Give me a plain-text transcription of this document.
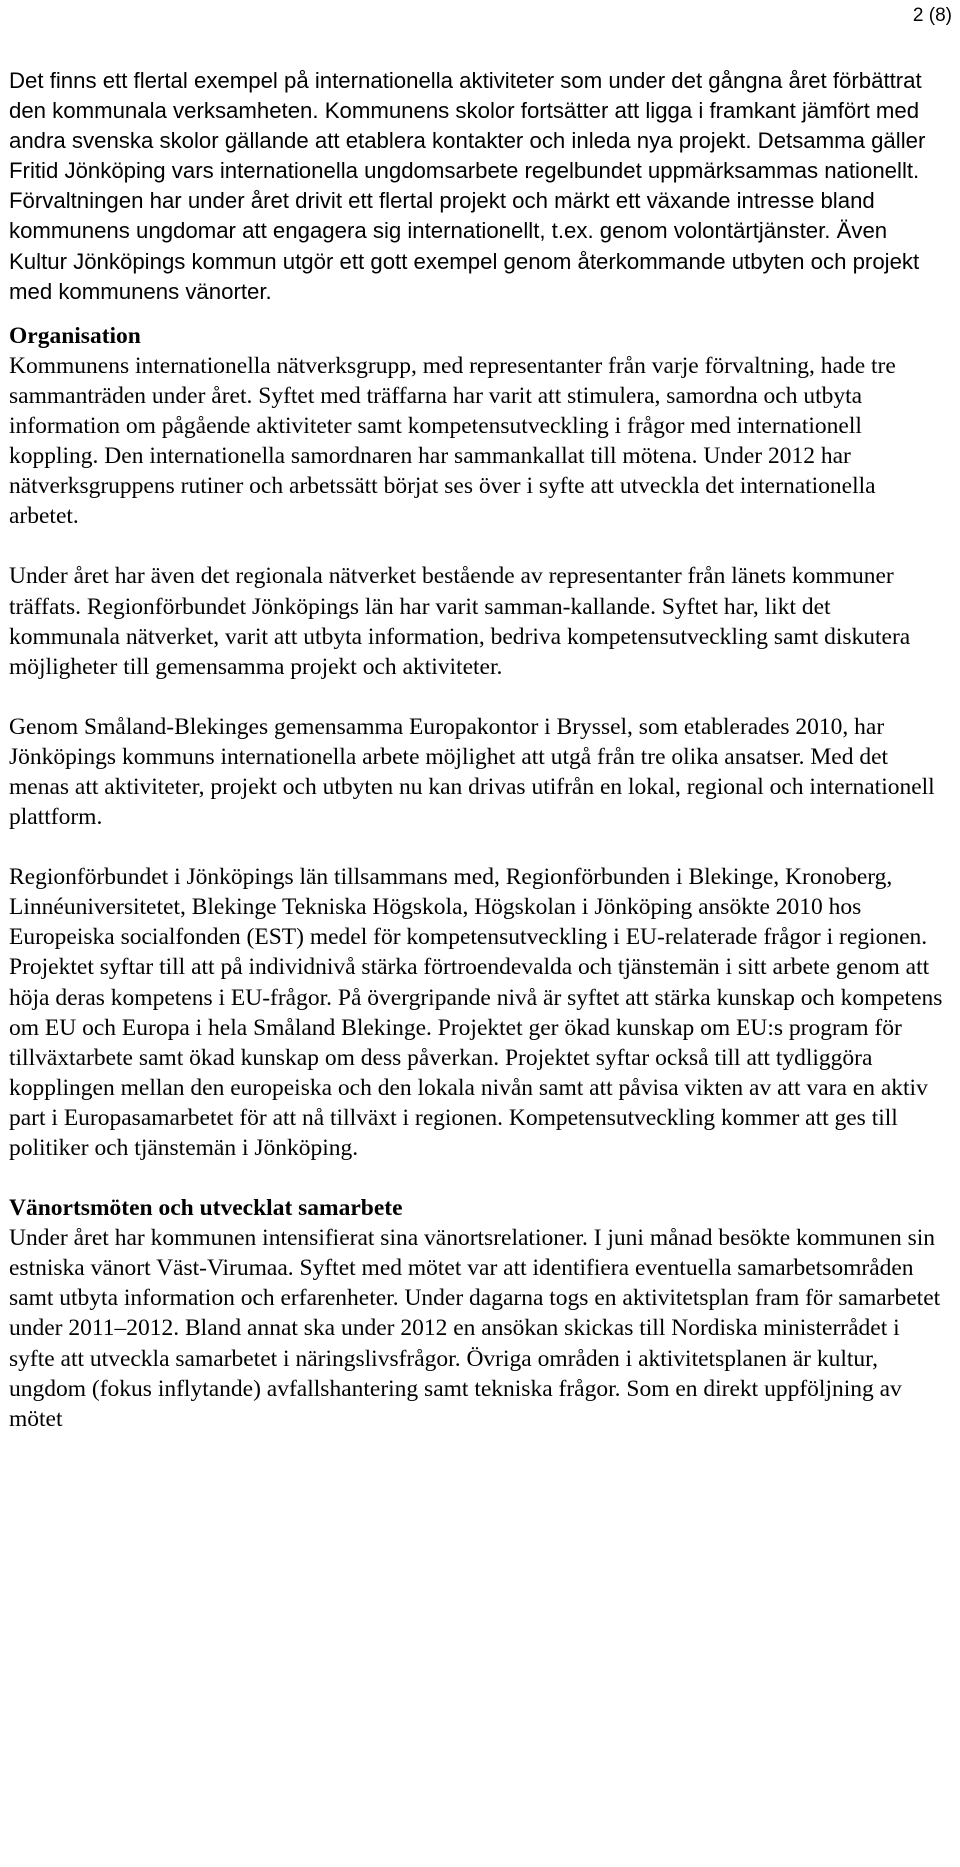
2 (8)

Det finns ett flertal exempel på internationella aktiviteter som under det gångna året förbättrat den kommunala verksamheten. Kommunens skolor fortsätter att ligga i framkant jämfört med andra svenska skolor gällande att etablera kontakter och inleda nya projekt. Detsamma gäller Fritid Jönköping vars internationella ungdomsarbete regelbundet uppmärksammas nationellt. Förvaltningen har under året drivit ett flertal projekt och märkt ett växande intresse bland kommunens ungdomar att engagera sig internationellt, t.ex. genom volontärtjänster. Även Kultur Jönköpings kommun utgör ett gott exempel genom återkommande utbyten och projekt med kommunens vänorter.

Organisation

Kommunens internationella nätverksgrupp, med representanter från varje förvaltning, hade tre sammanträden under året. Syftet med träffarna har varit att stimulera, samordna och utbyta information om pågående aktiviteter samt kompetensutveckling i frågor med internationell koppling. Den internationella samordnaren har sammankallat till mötena. Under 2012 har nätverksgruppens rutiner och arbetssätt börjat ses över i syfte att utveckla det internationella arbetet.

Under året har även det regionala nätverket bestående av representanter från länets kommuner träffats. Regionförbundet Jönköpings län har varit samman-kallande. Syftet har, likt det kommunala nätverket, varit att utbyta information, bedriva kompetensutveckling samt diskutera möjligheter till gemensamma projekt och aktiviteter.

Genom Småland-Blekinges gemensamma Europakontor i Bryssel, som etablerades 2010, har Jönköpings kommuns internationella arbete möjlighet att utgå från tre olika ansatser. Med det menas att aktiviteter, projekt och utbyten nu kan drivas utifrån en lokal, regional och internationell plattform.

Regionförbundet i Jönköpings län tillsammans med, Regionförbunden i Blekinge, Kronoberg, Linnéuniversitetet, Blekinge Tekniska Högskola, Högskolan i Jönköping ansökte 2010 hos Europeiska socialfonden (EST) medel för kompetensutveckling i EU-relaterade frågor i regionen. Projektet syftar till att på individnivå stärka förtroendevalda och tjänstemän i sitt arbete genom att höja deras kompetens i EU-frågor. På övergripande nivå är syftet att stärka kunskap och kompetens om EU och Europa i hela Småland Blekinge. Projektet ger ökad kunskap om EU:s program för tillväxtarbete samt ökad kunskap om dess påverkan. Projektet syftar också till att tydliggöra kopplingen mellan den europeiska och den lokala nivån samt att påvisa vikten av att vara en aktiv part i Europasamarbetet för att nå tillväxt i regionen. Kompetensutveckling kommer att ges till politiker och tjänstemän i Jönköping.

Vänortsmöten och utvecklat samarbete

Under året har kommunen intensifierat sina vänortsrelationer. I juni månad besökte kommunen sin estniska vänort Väst-Virumaa. Syftet med mötet var att identifiera eventuella samarbetsområden samt utbyta information och erfarenheter. Under dagarna togs en aktivitetsplan fram för samarbetet under 2011–2012. Bland annat ska under 2012 en ansökan skickas till Nordiska ministerrådet i syfte att utveckla samarbetet i näringslivsfrågor. Övriga områden i aktivitetsplanen är kultur, ungdom (fokus inflytande) avfallshantering samt tekniska frågor. Som en direkt uppföljning av mötet
